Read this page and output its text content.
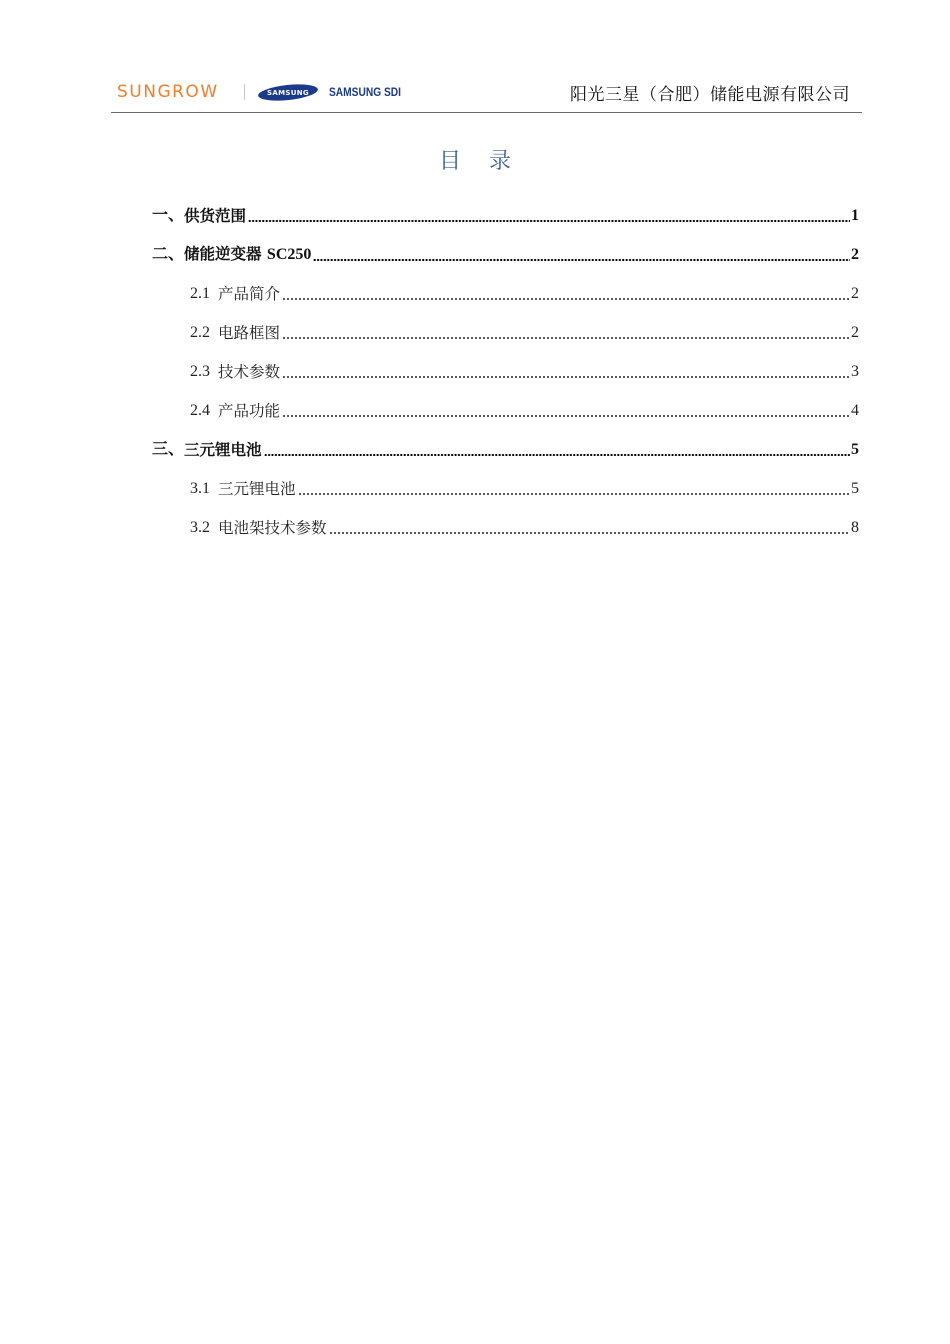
SUNGROW	SAMSUNG SAMSUNG SDI	阳光三星（合肥）储能电源有限公司
目 录
一、 供货范围	1
二、 储能逆变器 SC250	2
2.1 产品简介	2
2.2 电路框图	2
2.3 技术参数	3
2.4 产品功能	4
三、 三元锂电池	5
3.1 三元锂电池	5
3.2 电池架技术参数	8
